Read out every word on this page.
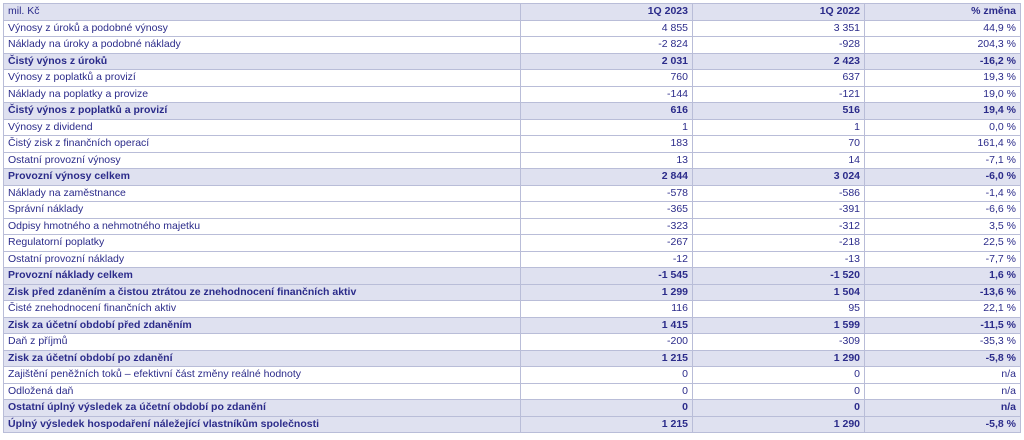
mil. Kč	1Q 2023	1Q 2022	% změna
Výnosy z úroků a podobné výnosy	4 855	3 351	44,9 %
Náklady na úroky a podobné náklady	-2 824	-928	204,3 %
Čistý výnos z úroků	2 031	2 423	-16,2 %
Výnosy z poplatků a provizí	760	637	19,3 %
Náklady na poplatky a provize	-144	-121	19,0 %
Čistý výnos z poplatků a provizí	616	516	19,4 %
Výnosy z dividend	1	1	0,0 %
Čistý zisk z finančních operací	183	70	161,4 %
Ostatní provozní výnosy	13	14	-7,1 %
Provozní výnosy celkem	2 844	3 024	-6,0 %
Náklady na zaměstnance	-578	-586	-1,4 %
Správní náklady	-365	-391	-6,6 %
Odpisy hmotného a nehmotného majetku	-323	-312	3,5 %
Regulatorní poplatky	-267	-218	22,5 %
Ostatní provozní náklady	-12	-13	-7,7 %
Provozní náklady celkem	-1 545	-1 520	1,6 %
Zisk před zdaněním a čistou ztrátou ze znehodnocení finančních aktiv	1 299	1 504	-13,6 %
Čisté znehodnocení finančních aktiv	116	95	22,1 %
Zisk za účetní období před zdaněním	1 415	1 599	-11,5 %
Daň z příjmů	-200	-309	-35,3 %
Zisk za účetní období po zdanění	1 215	1 290	-5,8 %
Zajištění peněžních toků – efektivní část změny reálné hodnoty	0	0	n/a
Odložená daň	0	0	n/a
Ostatní úplný výsledek za účetní období po zdanění	0	0	n/a
Úplný výsledek hospodaření náležející vlastníkům společnosti	1 215	1 290	-5,8 %
